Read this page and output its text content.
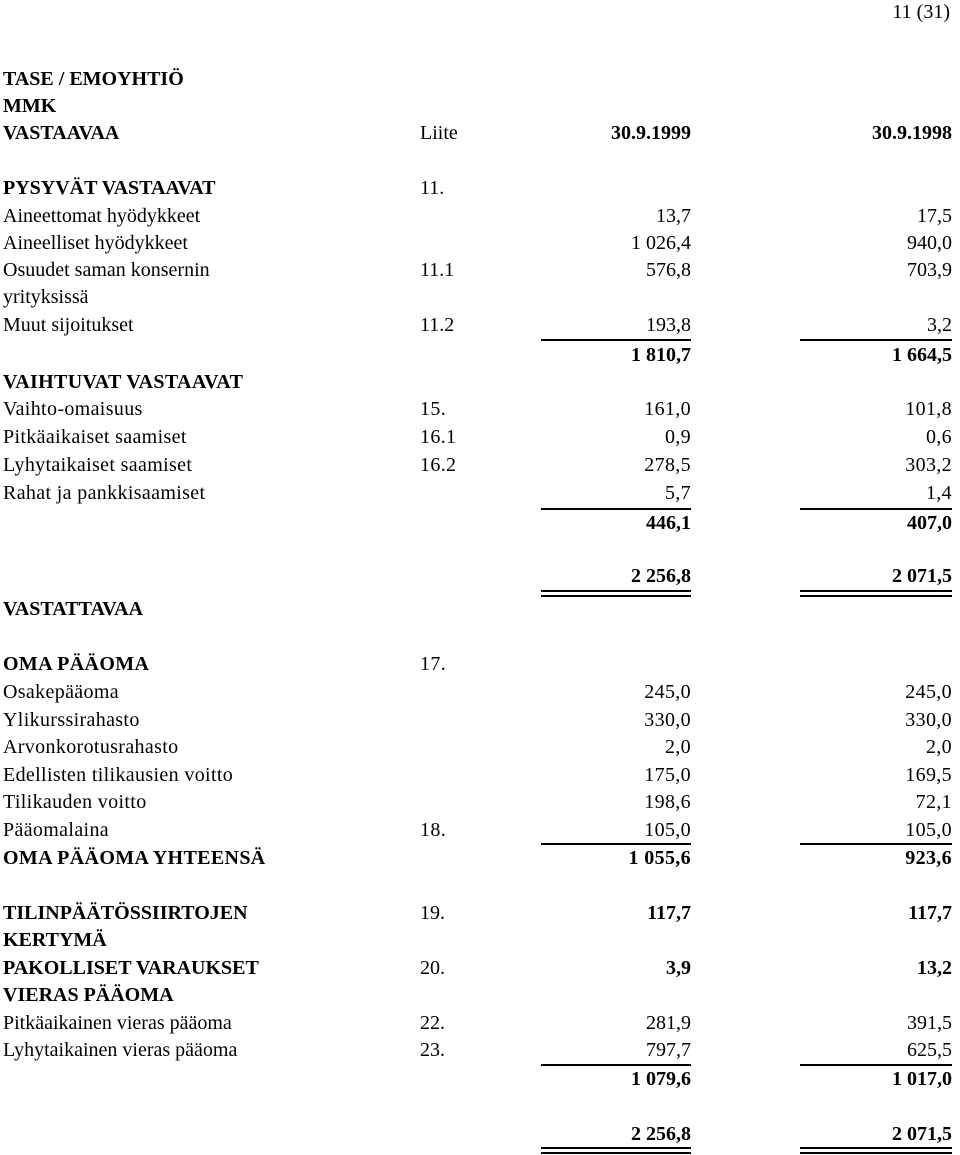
11 (31)
TASE / EMOYHTIÖ
MMK
VASTAAVAA	Liite	30.9.1999	30.9.1998
PYSYVÄT VASTAAVAT	11.
Aineettomat hyödykkeet	13,7	17,5
Aineelliset hyödykkeet	1 026,4	940,0
Osuudet saman konsernin	11.1	576,8	703,9
yrityksissä
Muut sijoitukset	11.2	193,8	3,2
1 810,7	1 664,5
VAIHTUVAT VASTAAVAT
Vaihto-omaisuus	15.	161,0	101,8
Pitkäaikaiset saamiset	16.1	0,9	0,6
Lyhytaikaiset saamiset	16.2	278,5	303,2
Rahat ja pankkisaamiset	5,7	1,4
446,1	407,0
2 256,8	2 071,5
VASTATTAVAA
OMA PÄÄOMA	17.
Osakepääoma	245,0	245,0
Ylikurssirahasto	330,0	330,0
Arvonkorotusrahasto	2,0	2,0
Edellisten tilikausien voitto	175,0	169,5
Tilikauden voitto	198,6	72,1
Pääomalaina	18.	105,0	105,0
OMA PÄÄOMA YHTEENSÄ	1 055,6	923,6
TILINPÄÄTÖSSIIRTOJEN	19.	117,7	117,7
KERTYMÄ
PAKOLLISET VARAUKSET	20.	3,9	13,2
VIERAS PÄÄOMA
Pitkäaikainen vieras pääoma	22.	281,9	391,5
Lyhytaikainen vieras pääoma	23.	797,7	625,5
1 079,6	1 017,0
2 256,8	2 071,5
